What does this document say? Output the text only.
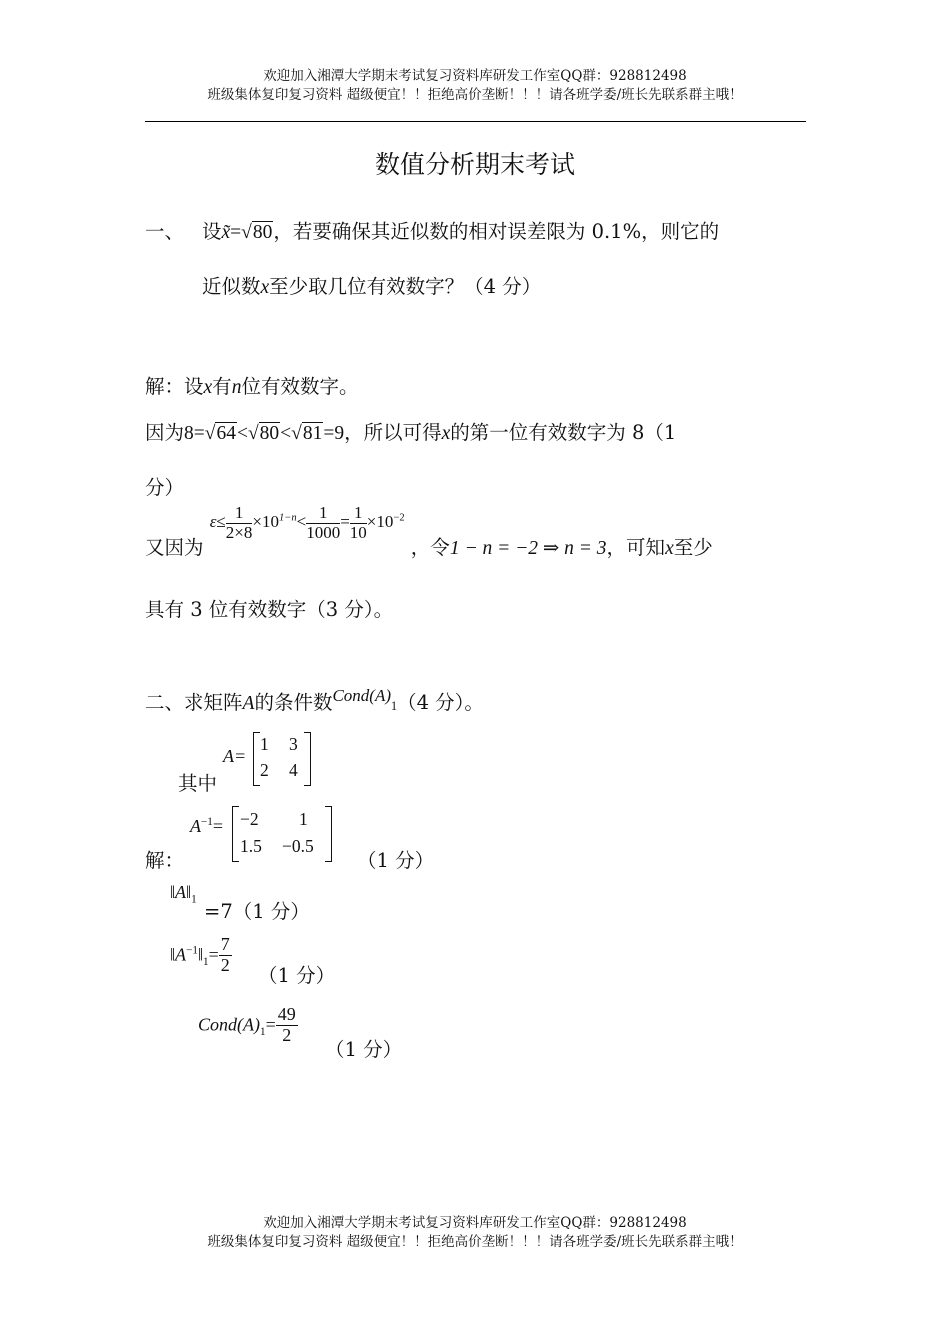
欢迎加入湘潭大学期末考试复习资料库研发工作室QQ群：928812498
班级集体复印复习资料 超级便宜！！拒绝高价垄断！！！请各班学委/班长先联系群主哦！
数值分析期末考试
一、 设x̃=√80，若要确保其近似数的相对误差限为 0.1%，则它的
近似数x至少取几位有效数字？（4 分）
解：设x有n位有效数字。
因为8=√64<√80<√81=9，所以可得x的第一位有效数字为 8（1
分）
又因为 $\varepsilon\le \frac{1}{2\times 8} \times 10^{1-n}< \frac{1}{1000} = \frac{1}{10} \times 10^{-2}$ ，令1 − n = −2 ⇒ n = 3，可知x至少
具有 3 位有效数字（3 分）。
二、求矩阵A的条件数$Cond(A)_1(4$ 分）。
其中
A=
1 3
2 4
解：
$A^{-1}= -2$ 1
1.5 −0.5
（1 分）
$‖A‖_1$
=7（1 分）
$‖A^{-1}‖_1= \frac{7}{2} (1$ 分）
$Cond(A)_1= \frac{49}{2}$
（1 分）
欢迎加入湘潭大学期末考试复习资料库研发工作室QQ群：928812498
班级集体复印复习资料 超级便宜！！拒绝高价垄断！！！请各班学委/班长先联系群主哦！
